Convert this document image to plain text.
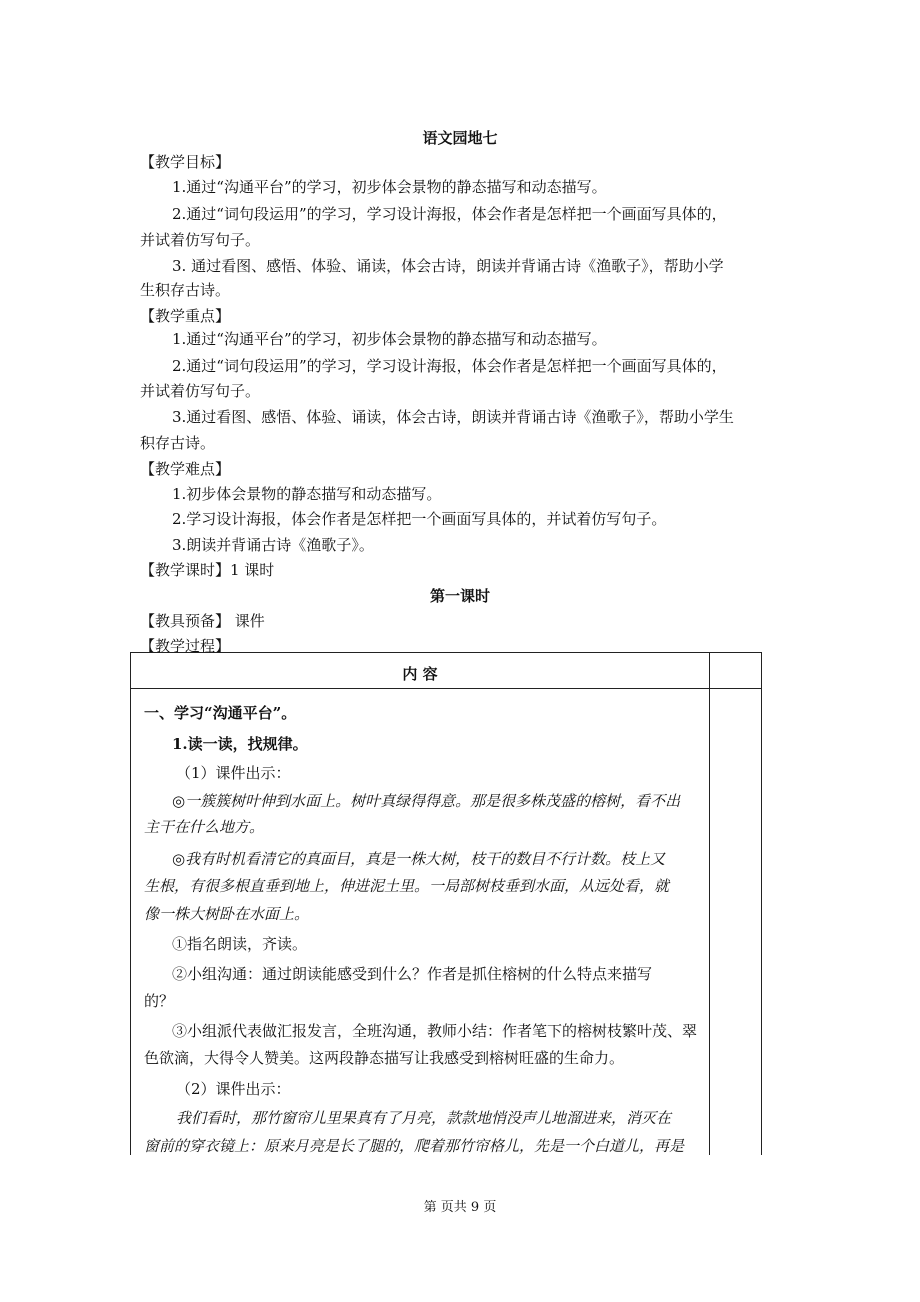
语文园地七
【教学目标】
1.通过“沟通平台”的学习，初步体会景物的静态描写和动态描写。
2.通过“词句段运用”的学习，学习设计海报，体会作者是怎样把一个画面写具体的，
并试着仿写句子。
3. 通过看图、感悟、体验、诵读，体会古诗，朗读并背诵古诗《渔歌子》，帮助小学
生积存古诗。
【教学重点】
1.通过“沟通平台”的学习，初步体会景物的静态描写和动态描写。
2.通过“词句段运用”的学习，学习设计海报，体会作者是怎样把一个画面写具体的，
并试着仿写句子。
3.通过看图、感悟、体验、诵读，体会古诗，朗读并背诵古诗《渔歌子》，帮助小学生
积存古诗。
【教学难点】
1.初步体会景物的静态描写和动态描写。
2.学习设计海报，体会作者是怎样把一个画面写具体的，并试着仿写句子。
3.朗读并背诵古诗《渔歌子》。
【教学课时】1 课时
第一课时
【教具预备】 课件
【教学过程】
内 容
一、学习“沟通平台”。
1.读一读，找规律。
（1）课件出示：
◎一簇簇树叶伸到水面上。树叶真绿得得意。那是很多株茂盛的榕树，看不出
主干在什么地方。
◎我有时机看清它的真面目，真是一株大树，枝干的数目不行计数。枝上又
生根，有很多根直垂到地上，伸进泥土里。一局部树枝垂到水面，从远处看，就
像一株大树卧在水面上。
①指名朗读，齐读。
②小组沟通：通过朗读能感受到什么？作者是抓住榕树的什么特点来描写
的？
③小组派代表做汇报发言，全班沟通，教师小结：作者笔下的榕树枝繁叶茂、翠
色欲滴，大得令人赞美。这两段静态描写让我感受到榕树旺盛的生命力。
（2）课件出示：
我们看时，那竹窗帘儿里果真有了月亮，款款地悄没声儿地溜进来，消灭在
窗前的穿衣镜上：原来月亮是长了腿的，爬着那竹帘格儿，先是一个白道儿，再是
第 页共 9 页
